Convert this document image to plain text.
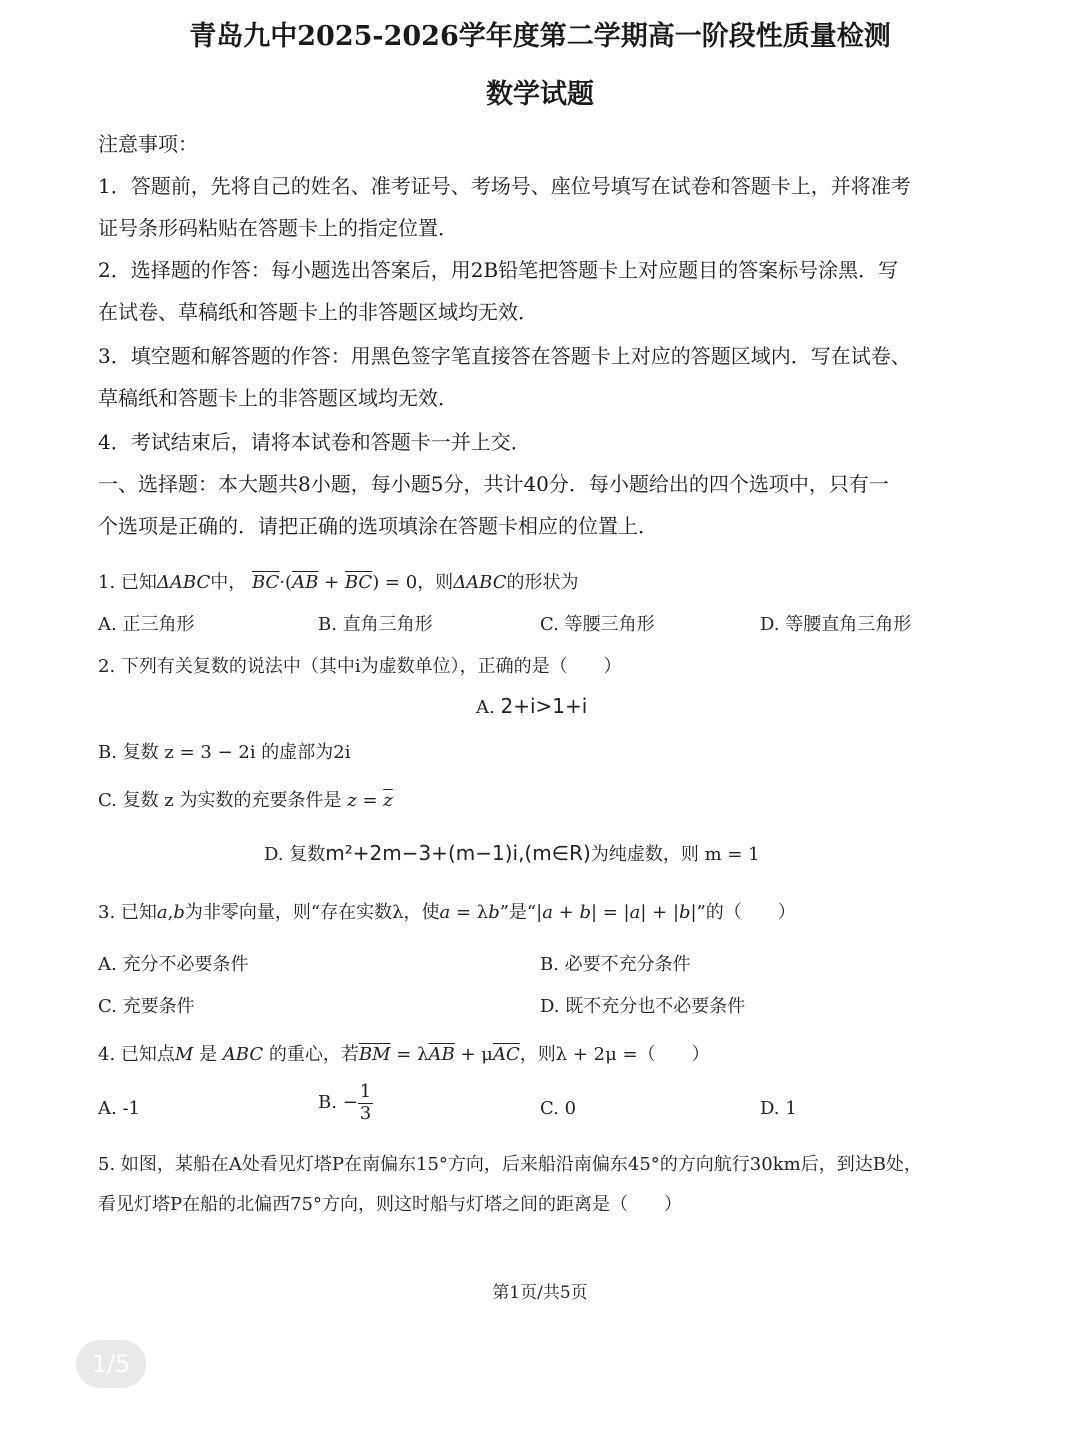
青岛九中2025-2026学年度第二学期高一阶段性质量检测
数学试题
注意事项：
1．答题前，先将自己的姓名、准考证号、考场号、座位号填写在试卷和答题卡上，并将准考
证号条形码粘贴在答题卡上的指定位置．
2．选择题的作答：每小题选出答案后，用2B铅笔把答题卡上对应题目的答案标号涂黑．写
在试卷、草稿纸和答题卡上的非答题区域均无效．
3．填空题和解答题的作答：用黑色签字笔直接答在答题卡上对应的答题区域内．写在试卷、
草稿纸和答题卡上的非答题区域均无效．
4．考试结束后，请将本试卷和答题卡一并上交．
一、选择题：本大题共8小题，每小题5分，共计40分．每小题给出的四个选项中，只有一
个选项是正确的．请把正确的选项填涂在答题卡相应的位置上．
1. 已知ΔABC中， $\overline{BC}\cdot(\overline{AB} + \overline{BC}) = 0$，则ΔABC的形状为
A. 正三角形	B. 直角三角形	C. 等腰三角形	D. 等腰直角三角形
2. 下列有关复数的说法中（其中i为虚数单位），正确的是（　　）
A. 2+i>1+i
B. 复数 z = 3 − 2i 的虚部为2i
C. 复数 z 为实数的充要条件是 $z = \overline{z}$
D. 复数m²+2m−3+(m−1)i,(m∈R)为纯虚数，则 m = 1
3. 已知a,b为非零向量，则“存在实数λ，使a = λb”是“|a + b| = |a| + |b|”的（　　）
A. 充分不必要条件	B. 必要不充分条件
C. 充要条件	D. 既不充分也不必要条件
4. 已知点M 是 ABC 的重心，若$\overline{BM} = \lambda\overline{AB} + \mu\overline{AC}$，则λ + 2μ =（　　）
A. -1	B. − $\frac{1}{3}$	C. 0	D. 1
5. 如图，某船在A处看见灯塔P在南偏东15°方向，后来船沿南偏东45°的方向航行30km后，到达B处，
看见灯塔P在船的北偏西75°方向，则这时船与灯塔之间的距离是（　　）
第1页/共5页
1/5
